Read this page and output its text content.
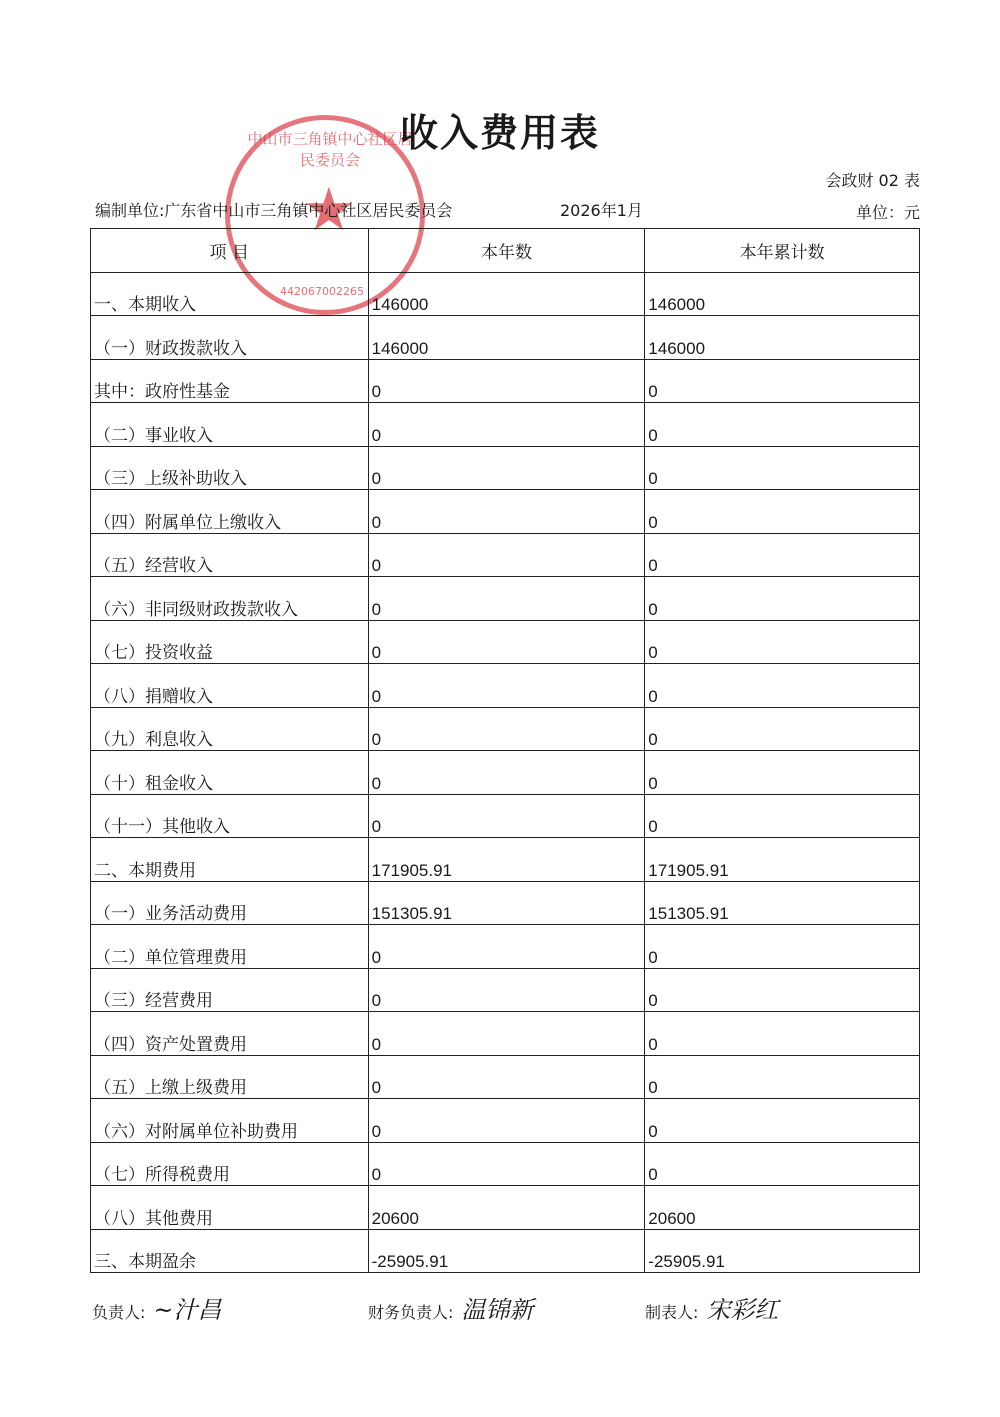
中山市三角镇中心社区居民委员会
★
442067002265
收入费用表
会政财 02 表
编制单位:广东省中山市三角镇中心社区居民委员会	2026年1月	单位：元
项 目	本年数	本年累计数
一、本期收入	146000	146000
（一）财政拨款收入	146000	146000
其中：政府性基金	0	0
（二）事业收入	0	0
（三）上级补助收入	0	0
（四）附属单位上缴收入	0	0
（五）经营收入	0	0
（六）非同级财政拨款收入	0	0
（七）投资收益	0	0
（八）捐赠收入	0	0
（九）利息收入	0	0
（十）租金收入	0	0
（十一）其他收入	0	0
二、本期费用	171905.91	171905.91
（一）业务活动费用	151305.91	151305.91
（二）单位管理费用	0	0
（三）经营费用	0	0
（四）资产处置费用	0	0
（五）上缴上级费用	0	0
（六）对附属单位补助费用	0	0
（七）所得税费用	0	0
（八）其他费用	20600	20600
三、本期盈余	-25905.91	-25905.91
负责人: ~汁昌	财务负责人: 温锦新	制表人: 宋彩红
